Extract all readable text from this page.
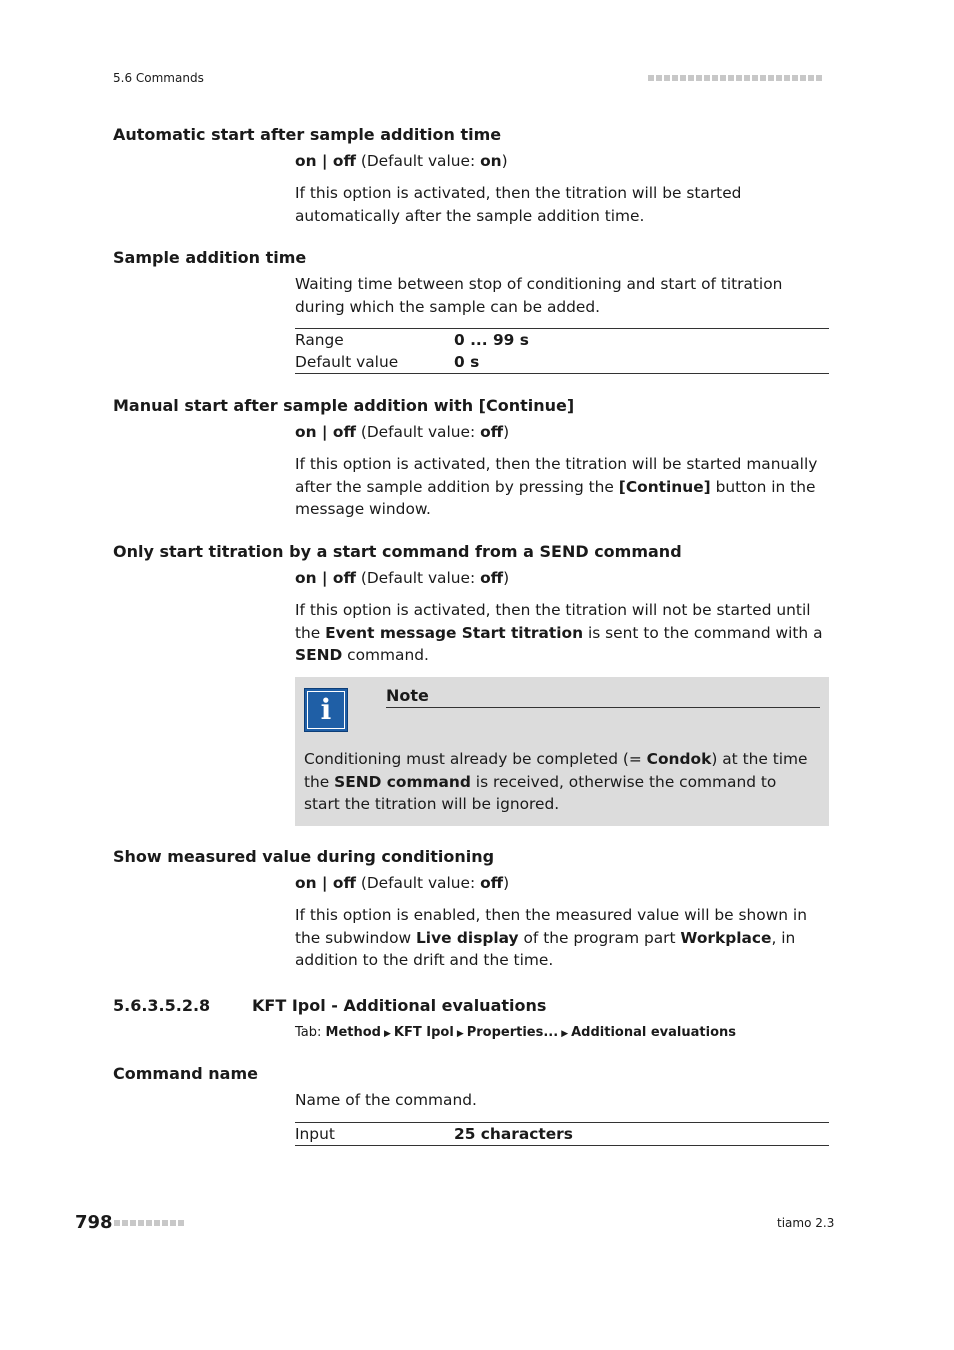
5.6 Commands
Automatic start after sample addition time
on | off (Default value: on)
If this option is activated, then the titration will be started automatically after the sample addition time.
Sample addition time
Waiting time between stop of conditioning and start of titration during which the sample can be added.
Range	0 ... 99 s
Default value	0 s
Manual start after sample addition with [Continue]
on | off (Default value: off)
If this option is activated, then the titration will be started manually after the sample addition by pressing the [Continue] button in the message window.
Only start titration by a start command from a SEND command
on | off (Default value: off)
If this option is activated, then the titration will not be started until the Event message Start titration is sent to the command with a SEND command.
i	Note
Conditioning must already be completed (= Condok) at the time the SEND command is received, otherwise the command to start the titration will be ignored.
Show measured value during conditioning
on | off (Default value: off)
If this option is enabled, then the measured value will be shown in the subwindow Live display of the program part Workplace, in addition to the drift and the time.
5.6.3.5.2.8	KFT Ipol - Additional evaluations
Tab: Method ▶ KFT Ipol ▶ Properties... ▶ Additional evaluations
Command name
Name of the command.
Input	25 characters
798	tiamo 2.3
